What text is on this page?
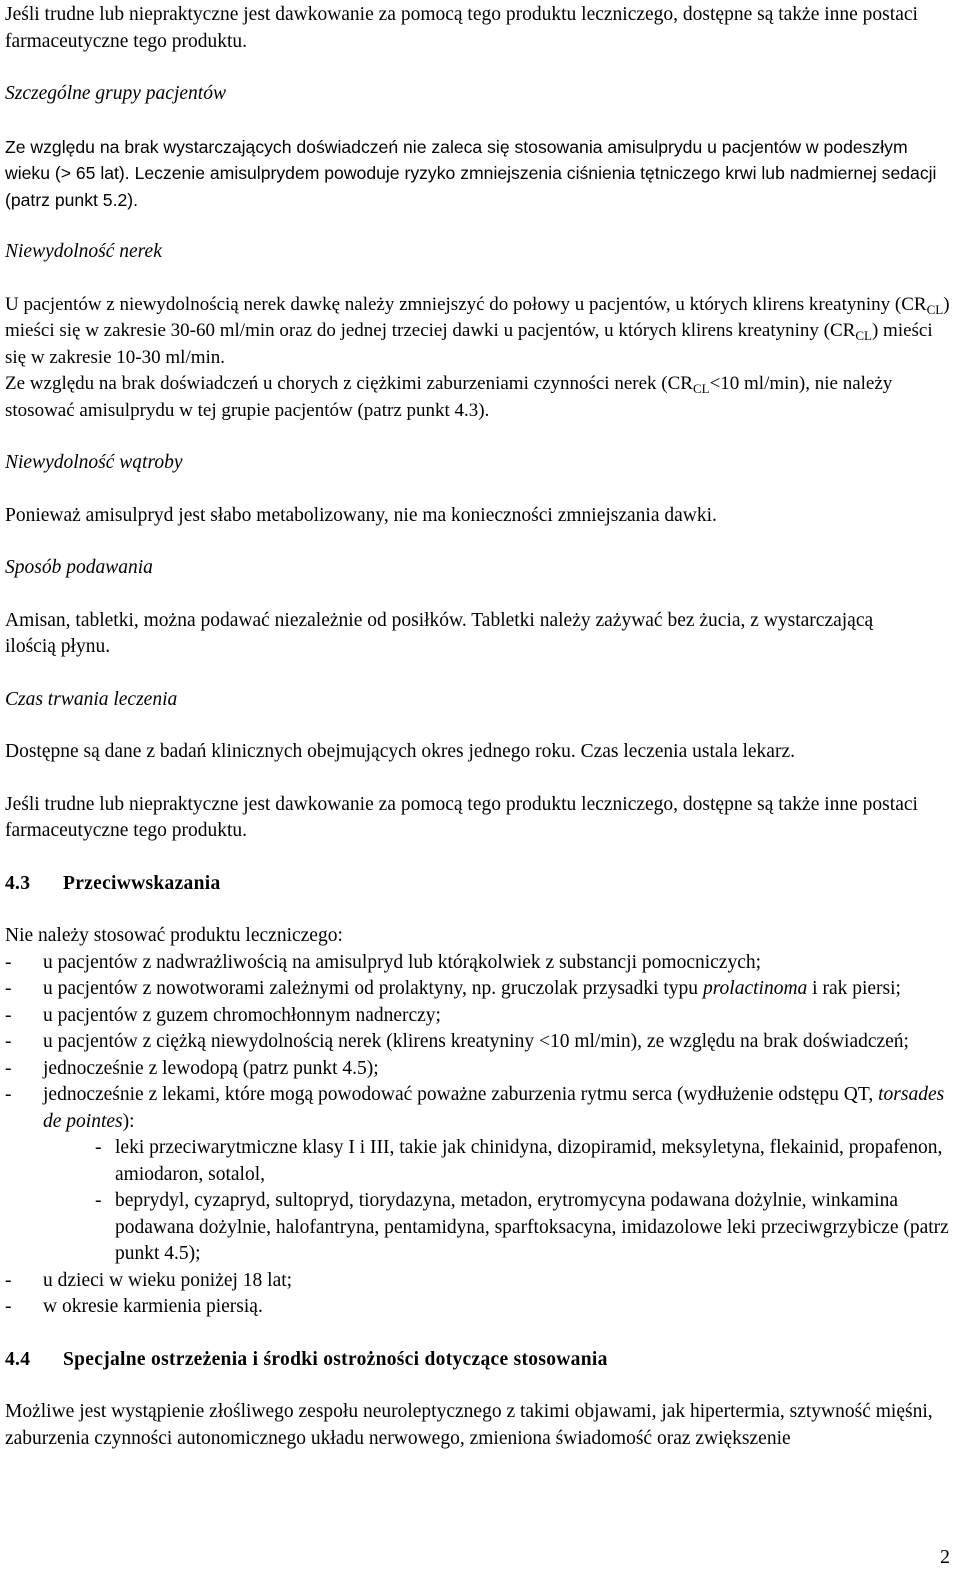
Jeśli trudne lub niepraktyczne jest dawkowanie za pomocą tego produktu leczniczego, dostępne są także inne postaci farmaceutyczne tego produktu.

Szczególne grupy pacjentów

Ze względu na brak wystarczających doświadczeń nie zaleca się stosowania amisulprydu u pacjentów w podeszłym wieku (> 65 lat). Leczenie amisulprydem powoduje ryzyko zmniejszenia ciśnienia tętniczego krwi lub nadmiernej sedacji (patrz punkt 5.2).

Niewydolność nerek

U pacjentów z niewydolnością nerek dawkę należy zmniejszyć do połowy u pacjentów, u których klirens kreatyniny $(CR_{CL})$ mieści się w zakresie 30-60 ml/min oraz do jednej trzeciej dawki u pacjentów, u których klirens kreatyniny $(CR_{CL})$ mieści się w zakresie 10-30 ml/min.

Ze względu na brak doświadczeń u chorych z ciężkimi zaburzeniami czynności nerek ($CR_{CL}<10$ ml/min), nie należy stosować amisulprydu w tej grupie pacjentów (patrz punkt 4.3).

Niewydolność wątroby

Ponieważ amisulpryd jest słabo metabolizowany, nie ma konieczności zmniejszania dawki.

Sposób podawania

Amisan, tabletki, można podawać niezależnie od posiłków. Tabletki należy zażywać bez żucia, z wystarczającą ilością płynu.

Czas trwania leczenia

Dostępne są dane z badań klinicznych obejmujących okres jednego roku. Czas leczenia ustala lekarz.

Jeśli trudne lub niepraktyczne jest dawkowanie za pomocą tego produktu leczniczego, dostępne są także inne postaci farmaceutyczne tego produktu.

4.3 Przeciwwskazania

Nie należy stosować produktu leczniczego:

- u pacjentów z nadwrażliwością na amisulpryd lub którąkolwiek z substancji pomocniczych;
- u pacjentów z nowotworami zależnymi od prolaktyny, np. gruczolak przysadki typu prolactinoma i rak piersi;
- u pacjentów z guzem chromochłonnym nadnerczy;
- u pacjentów z ciężką niewydolnością nerek (klirens kreatyniny <10 ml/min), ze względu na brak doświadczeń;
- jednocześnie z lewodopą (patrz punkt 4.5);
- jednocześnie z lekami, które mogą powodować poważne zaburzenia rytmu serca (wydłużenie odstępu QT, torsades de pointes):
- leki przeciwarytmiczne klasy I i III, takie jak chinidyna, dizopiramid, meksyletyna, flekainid, propafenon, amiodaron, sotalol,
- beprydyl, cyzapryd, sultopryd, tiorydazyna, metadon, erytromycyna podawana dożylnie, winkamina podawana dożylnie, halofantryna, pentamidyna, sparftoksacyna, imidazolowe leki przeciwgrzybicze (patrz punkt 4.5);
- u dzieci w wieku poniżej 18 lat;
- w okresie karmienia piersią.

4.4 Specjalne ostrzeżenia i środki ostrożności dotyczące stosowania

Możliwe jest wystąpienie złośliwego zespołu neuroleptycznego z takimi objawami, jak hipertermia, sztywność mięśni, zaburzenia czynności autonomicznego układu nerwowego, zmieniona świadomość oraz zwiększenie

2
